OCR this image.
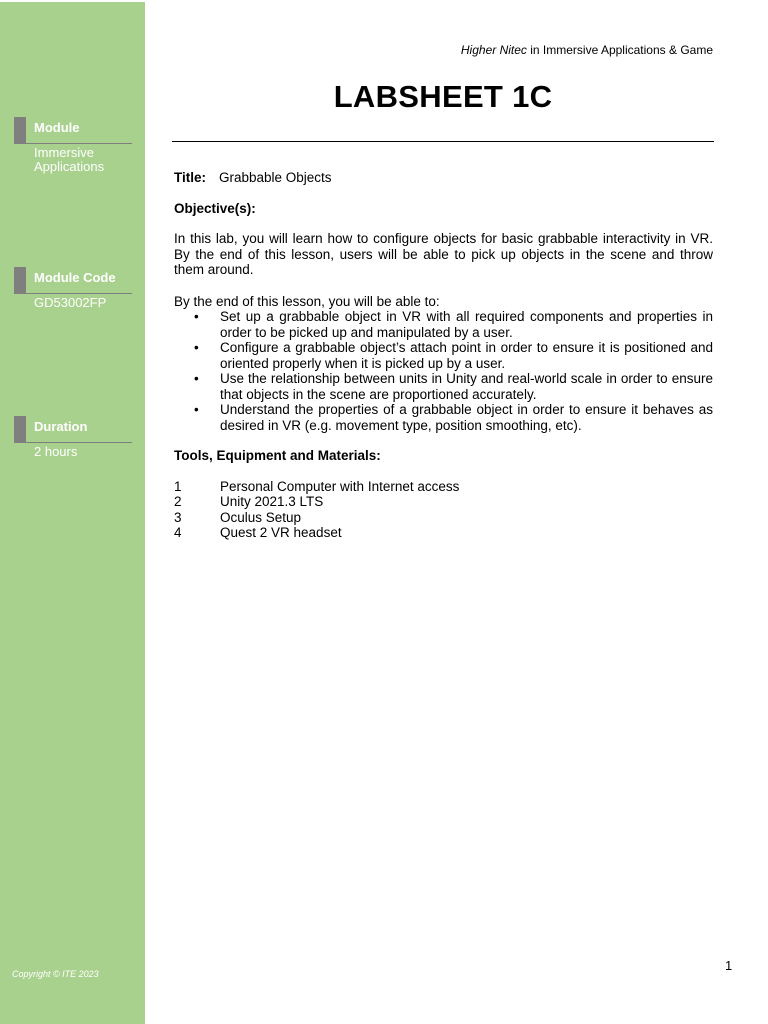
Module
Immersive
Applications
Module Code
GD53002FP
Duration
2 hours
Copyright © ITE 2023
Higher Nitec in Immersive Applications & Game
LABSHEET 1C
Title: Grabbable Objects

Objective(s):

In this lab, you will learn how to configure objects for basic grabbable interactivity in VR. By the end of this lesson, users will be able to pick up objects in the scene and throw them around.

By the end of this lesson, you will be able to:

• Set up a grabbable object in VR with all required components and properties in order to be picked up and manipulated by a user.
• Configure a grabbable object’s attach point in order to ensure it is positioned and oriented properly when it is picked up by a user.
• Use the relationship between units in Unity and real-world scale in order to ensure that objects in the scene are proportioned accurately.
• Understand the properties of a grabbable object in order to ensure it behaves as desired in VR (e.g. movement type, position smoothing, etc).

Tools, Equipment and Materials:

1	Personal Computer with Internet access
2	Unity 2021.3 LTS
3	Oculus Setup
4	Quest 2 VR headset
1
